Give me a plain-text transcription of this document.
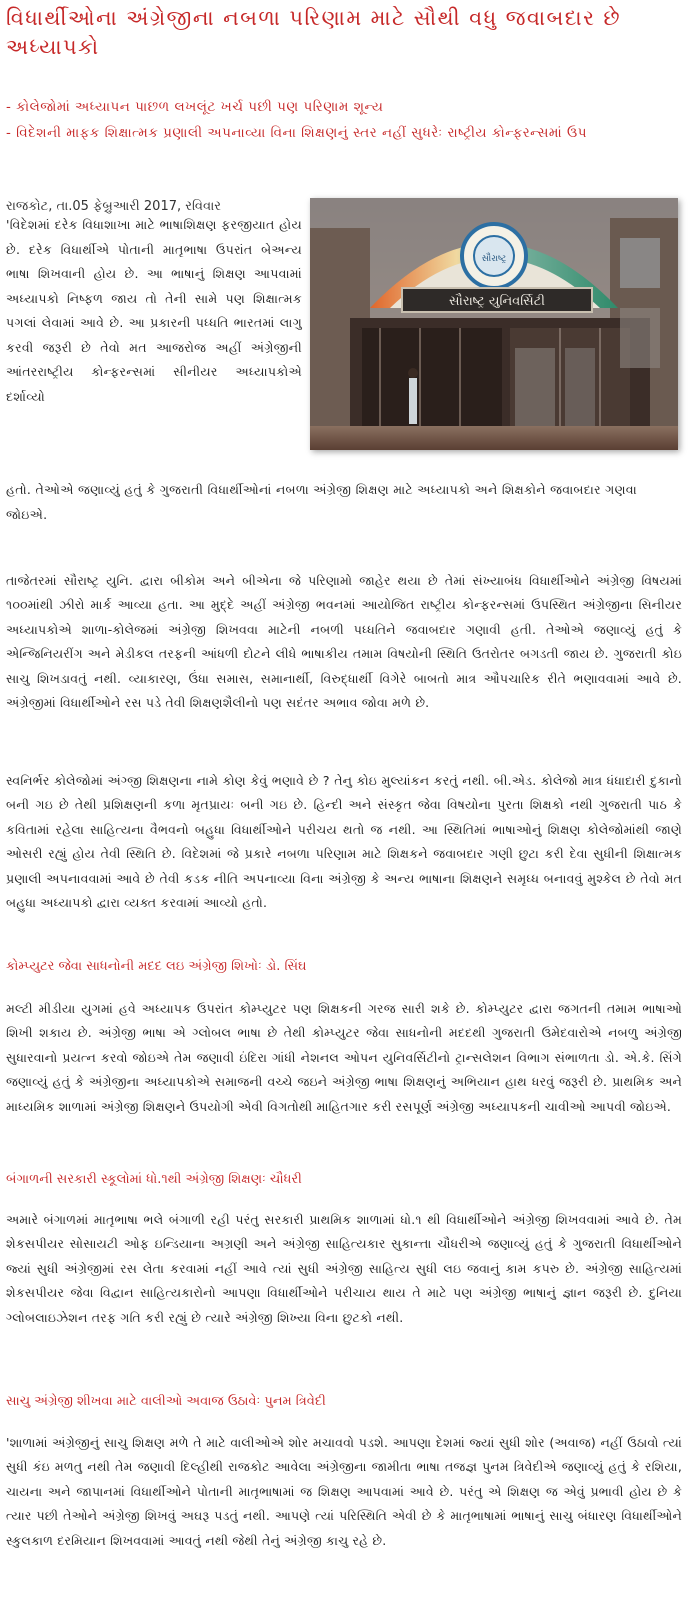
વિધાર્થીઓના અંગ્રેજીના નબળા પરિણામ માટે સૌથી વધુ જવાબદાર છે અધ્યાપકો

- કોલેજોમાં અધ્યાપન પાછળ લખલૂંટ ખર્ચ પછી પણ પરિણામ શૂન્ય

- વિદેશની માફક શિક્ષાત્મક પ્રણાલી અપનાવ્યા વિના શિક્ષણનું સ્તર નહીં સુધરેઃ રાષ્ટ્રીય કોન્ફરન્સમાં ઉપ

રાજકોટ, તા.05 ફેબ્રુઆરી 2017, રવિવાર
સૌરાષ્ટ્ર
સૌરાષ્ટ્ર યુનિવર્સિટી
'વિદેશમાં દરેક વિધાશાખા માટે ભાષાશિક્ષણ ફરજીયાત હોય છે. દરેક વિધાર્થીએ પોતાની માતૃભાષા ઉપરાંત બેઅન્ય ભાષા શિખવાની હોય છે. આ ભાષાનું શિક્ષણ આપવામાં અધ્યાપકો નિષ્ફળ જાય તો તેની સામે પણ શિક્ષાત્મક પગલાં લેવામાં આવે છે. આ પ્રકારની પધ્ધતિ ભારતમાં લાગુ કરવી જરૂરી છે તેવો મત આજરોજ અહીં અંગ્રેજીની આંતરરાષ્ટ્રીય કોન્ફરન્સમાં સીનીયર અધ્યાપકોએ દર્શાવ્યો
હતો. તેઓએ જણાવ્યું હતું કે ગુજરાતી વિધાર્થીઓનાં નબળા અંગ્રેજી શિક્ષણ માટે અધ્યાપકો અને શિક્ષકોને જવાબદાર ગણવા જોઇએ.

તાજેતરમાં સૌરાષ્ટ્ર યુનિ. દ્વારા બીકોમ અને બીએના જે પરિણામો જાહેર થયા છે તેમાં સંખ્યાબંધ વિધાર્થીઓને અંગ્રેજી વિષયમાં ૧૦૦માંથી ઝીરો માર્ક આવ્યા હતા. આ મુદ્દે અહીં અંગ્રેજી ભવનમાં આયોજિત રાષ્ટ્રીય કોન્ફરન્સમાં ઉપસ્થિત અંગ્રેજીના સિનીયર અધ્યાપકોએ શાળા-કોલેજમાં અંગ્રેજી શિખવવા માટેની નબળી પધ્ધતિને જવાબદાર ગણાવી હતી. તેઓએ જણાવ્યું હતું કે એન્જિનિયરીંગ અને મેડીકલ તરફની આંધળી દોટને લીધે ભાષાકીય તમામ વિષયોની સ્થિતિ ઉતરોતર બગડતી જાય છે. ગુજરાતી કોઇ સાચુ શિખડાવતું નથી. વ્યાકારણ, ઉંધા સમાસ, સમાનાર્થી, વિરુદ્ધાર્થી વિગેરે બાબતો માત્ર ઔપચારિક રીતે ભણાવવામાં આવે છે. અંગ્રેજીમાં વિધાર્થીઓને રસ પડે તેવી શિક્ષણશૈલીનો પણ સદંતર અભાવ જોવા મળે છે.

સ્વનિર્ભર કોલેજોમાં અંગ્જી શિક્ષણના નામે કોણ કેવું ભણાવે છે ? તેનુ કોઇ મુલ્યાંકન કરતું નથી. બી.એડ. કોલેજો માત્ર ધંધાદારી દુકાનો બની ગઇ છે તેથી પ્રશિક્ષણની કળા મૃતપ્રાયઃ બની ગઇ છે. હિન્દી અને સંસ્કૃત જેવા વિષયોના પુરતા શિક્ષકો નથી ગુજરાતી પાઠ કે કવિતામાં રહેલા સાહિત્યના વૈભવનો બહુધા વિધાર્થીઓને પરીચય થતો જ નથી. આ સ્થિતિમાં ભાષાઓનું શિક્ષણ કોલેજોમાંથી જાણે ઓસરી રહ્યું હોય તેવી સ્થિતિ છે. વિદેશમાં જે પ્રકારે નબળા પરિણામ માટે શિક્ષકને જવાબદાર ગણી છુટા કરી દેવા સુધીની શિક્ષાત્મક પ્રણાલી અપનાવવામાં આવે છે તેવી કડક નીતિ અપનાવ્યા વિના અંગ્રેજી કે અન્ય ભાષાના શિક્ષણને સમૃધ્ધ બનાવવું મુશ્કેલ છે તેવો મત બહુધા અધ્યાપકો દ્વારા વ્યક્ત કરવામાં આવ્યો હતો.

કોમ્પ્યુટર જેવા સાધનોની મદદ લઇ અંગ્રેજી શિખોઃ ડો. સિંઘ

મલ્ટી મીડીયા યુગમાં હવે અધ્યાપક ઉપરાંત કોમ્પ્યુટર પણ શિક્ષકની ગરજ સારી શકે છે. કોમ્પ્યુટર દ્વારા જગતની તમામ ભાષાઓ શિખી શકાય છે. અંગ્રેજી ભાષા એ ગ્લોબલ ભાષા છે તેથી કોમ્પ્યુટર જેવા સાધનોની મદદથી ગુજરાતી ઉમેદવારોએ નબળુ અંગ્રેજી સુધારવાનો પ્રયત્ન કરવો જોઇએ તેમ જણાવી ઇંદિરા ગાંધી નેશનલ ઓપન યુનિવર્સિટીનો ટ્રાન્સલેશન વિભાગ સંભાળતા ડો. એ.કે. સિંગે જણાવ્યું હતું કે અંગ્રેજીના અધ્યાપકોએ સમાજની વચ્ચે જઇને અંગ્રેજી ભાષા શિક્ષણનું અભિયાન હાથ ધરવું જરૂરી છે. પ્રાથમિક અને માધ્યમિક શાળામાં અંગ્રેજી શિક્ષણને ઉપયોગી એવી વિગતોથી માહિતગાર કરી રસપૂર્ણ અંગ્રેજી અધ્યાપકની ચાવીઓ આપવી જોઇએ.

બંગાળની સરકારી સ્કૂલોમાં ધો.૧થી અંગ્રેજી શિક્ષણઃ ચૌધરી

અમારે બંગાળમાં માતૃભાષા ભલે બંગાળી રહી પરંતુ સરકારી પ્રાથમિક શાળામાં ધો.૧ થી વિધાર્થીઓને અંગ્રેજી શિખવવામાં આવે છે. તેમ શેકસપીયર સોસાયટી ઓફ ઇન્ડિયાના અગ્રણી અને અંગ્રેજી સાહિત્યકાર સુકાન્તા ચૌધરીએ જણાવ્યું હતું કે ગુજરાતી વિધાર્થીઓને જ્યાં સુધી અંગ્રેજીમાં રસ લેતા કરવામાં નહીં આવે ત્યાં સુધી અંગ્રેજી સાહિત્ય સુધી લઇ જવાનું કામ કપરુ છે. અંગ્રેજી સાહિત્યમાં શેકસપીયર જેવા વિદ્વાન સાહિત્યકારોનો આપણા વિધાર્થીઓને પરીચાય થાય તે માટે પણ અંગ્રેજી ભાષાનું જ્ઞાન જરૂરી છે. દુનિયા ગ્લોબલાઇઝેશન તરફ ગતિ કરી રહ્યું છે ત્યારે અંગ્રેજી શિખ્યા વિના છુટકો નથી.

સાચુ અંગ્રેજી શીખવા માટે વાલીઓ અવાજ ઉઠાવેઃ પુનમ ત્રિવેદી

'શાળામાં અંગ્રેજીનું સાચુ શિક્ષણ મળે તે માટે વાલીઓએ શોર મચાવવો પડશે. આપણા દેશમાં જ્યાં સુધી શોર (અવાજ) નહીં ઉઠાવો ત્યાં સુધી કંઇ મળતુ નથી તેમ જણાવી દિલ્હીથી રાજકોટ આવેલા અંગ્રેજીના જામીતા ભાષા તજજ્ઞ પુનમ ત્રિવેદીએ જણાવ્યું હતું કે રશિયા, ચાયના અને જાપાનમાં વિધાર્થીઓને પોતાની માતૃભાષામાં જ શિક્ષણ આપવામાં આવે છે. પરંતુ એ શિક્ષણ જ એવું પ્રભાવી હોય છે કે ત્યાર પછી તેઓને અંગ્રેજી શિખવું અઘરૂ પડતું નથી. આપણે ત્યાં પરિસ્થિતિ એવી છે કે માતૃભાષામાં ભાષાનું સાચુ બંધારણ વિધાર્થીઓને સ્કુલકાળ દરમિયાન શિખવવામાં આવતું નથી જેથી તેનું અંગ્રેજી કાચુ રહે છે.
